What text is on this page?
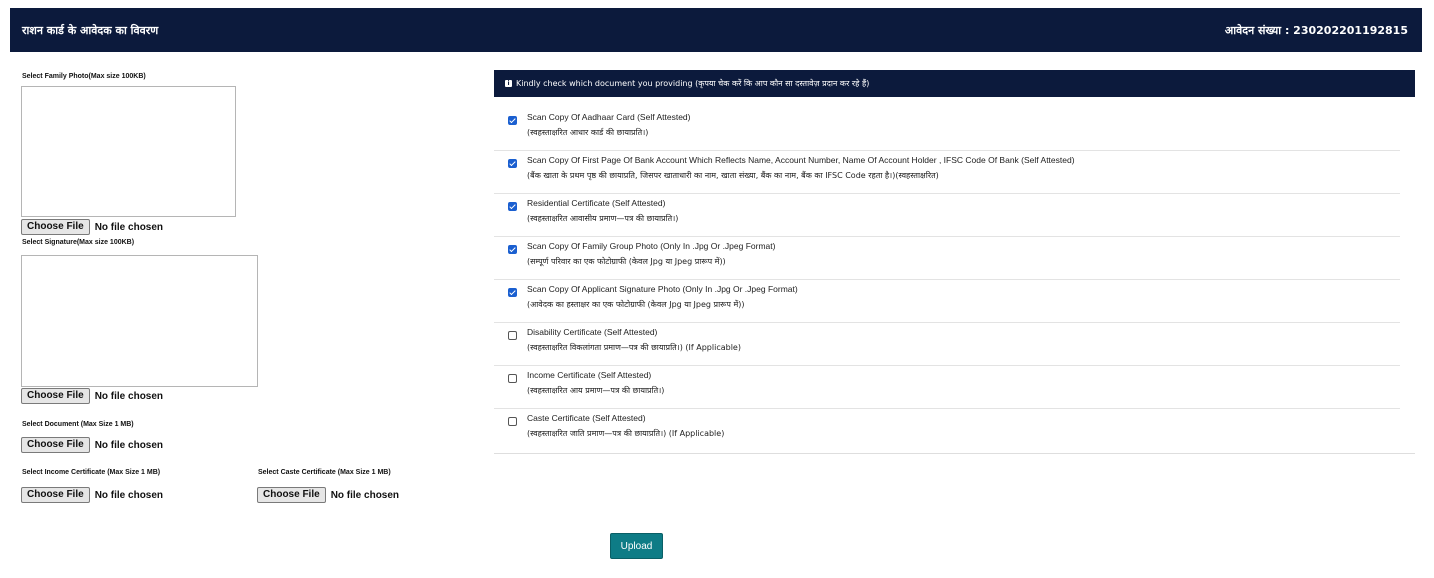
राशन कार्ड के आवेदक का विवरण	आवेदन संख्या : 230202201192815
Select Family Photo(Max size 100KB)
Choose File	No file chosen
Select Signature(Max size 100KB)
Choose File	No file chosen
Select Document (Max Size 1 MB)
Choose File	No file chosen
Select Income Certificate (Max Size 1 MB)
Choose File	No file chosen
Select Caste Certificate (Max Size 1 MB)
Choose File	No file chosen
i Kindly check which document you providing (कृपया चेक करें कि आप कौन सा दस्तावेज़ प्रदान कर रहे हैं)
Scan Copy Of Aadhaar Card (Self Attested)
(स्वहस्ताक्षरित आधार कार्ड की छायाप्रति।)
Scan Copy Of First Page Of Bank Account Which Reflects Name, Account Number, Name Of Account Holder , IFSC Code Of Bank (Self Attested)
(बैंक खाता के प्रथम पृष्ठ की छायाप्रति, जिसपर खाताधारी का नाम, खाता संख्या, बैंक का नाम, बैंक का IFSC Code रहता है।)(स्वहस्ताक्षरित)
Residential Certificate (Self Attested)
(स्वहस्ताक्षरित आवासीय प्रमाण—पत्र की छायाप्रति।)
Scan Copy Of Family Group Photo (Only In .Jpg Or .Jpeg Format)
(सम्पूर्ण परिवार का एक फोटोग्राफी (केवल Jpg या Jpeg प्रारूप में))
Scan Copy Of Applicant Signature Photo (Only In .Jpg Or .Jpeg Format)
(आवेदक का हस्ताक्षर का एक फोटोग्राफी (केवल Jpg या Jpeg प्रारूप में))
Disability Certificate (Self Attested)
(स्वहस्ताक्षरित विकलांगता प्रमाण—पत्र की छायाप्रति।) (If Applicable)
Income Certificate (Self Attested)
(स्वहस्ताक्षरित आय प्रमाण—पत्र की छायाप्रति।)
Caste Certificate (Self Attested)
(स्वहस्ताक्षरित जाति प्रमाण—पत्र की छायाप्रति।) (If Applicable)
Upload
